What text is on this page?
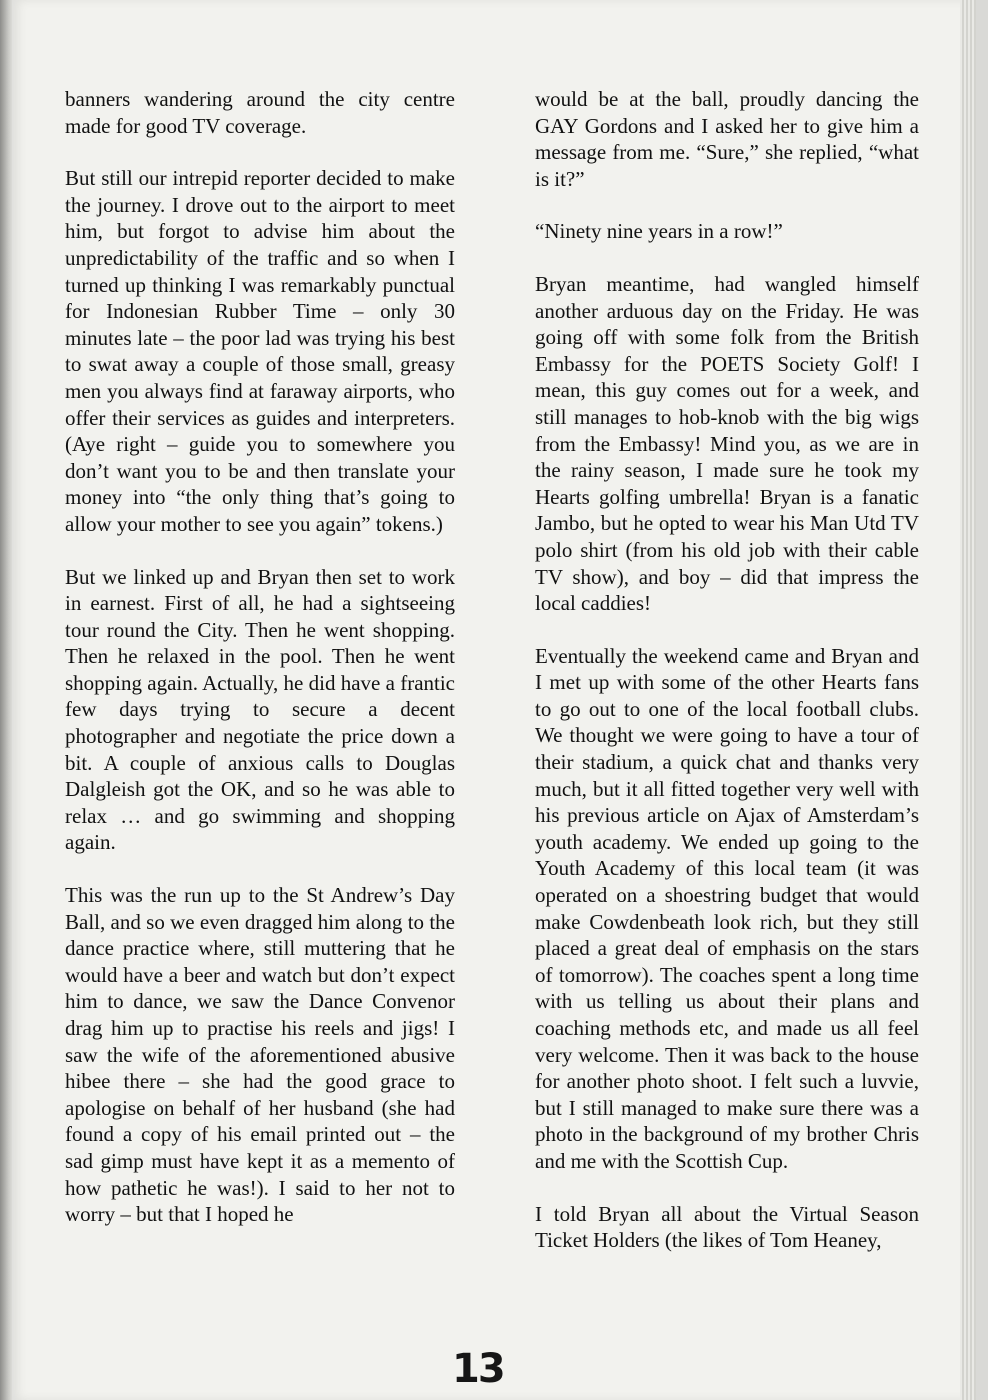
banners wandering around the city centre made for good TV coverage.

But still our intrepid reporter decided to make the journey. I drove out to the airport to meet him, but forgot to advise him about the unpredictability of the traffic and so when I turned up thinking I was remarkably punctual for Indonesian Rubber Time – only 30 minutes late – the poor lad was trying his best to swat away a couple of those small, greasy men you always find at faraway airports, who offer their services as guides and interpreters. (Aye right – guide you to somewhere you don’t want you to be and then translate your money into “the only thing that’s going to allow your mother to see you again” tokens.)

But we linked up and Bryan then set to work in earnest. First of all, he had a sightseeing tour round the City. Then he went shopping. Then he relaxed in the pool. Then he went shopping again. Actually, he did have a frantic few days trying to secure a decent photographer and negotiate the price down a bit. A couple of anxious calls to Douglas Dalgleish got the OK, and so he was able to relax … and go swimming and shopping again.

This was the run up to the St Andrew’s Day Ball, and so we even dragged him along to the dance practice where, still muttering that he would have a beer and watch but don’t expect him to dance, we saw the Dance Convenor drag him up to practise his reels and jigs! I saw the wife of the aforementioned abusive hibee there – she had the good grace to apologise on behalf of her husband (she had found a copy of his email printed out – the sad gimp must have kept it as a memento of how pathetic he was!). I said to her not to worry – but that I hoped he

would be at the ball, proudly dancing the GAY Gordons and I asked her to give him a message from me. “Sure,” she replied, “what is it?”

“Ninety nine years in a row!”

Bryan meantime, had wangled himself another arduous day on the Friday. He was going off with some folk from the British Embassy for the POETS Society Golf! I mean, this guy comes out for a week, and still manages to hob-knob with the big wigs from the Embassy! Mind you, as we are in the rainy season, I made sure he took my Hearts golfing umbrella! Bryan is a fanatic Jambo, but he opted to wear his Man Utd TV polo shirt (from his old job with their cable TV show), and boy – did that impress the local caddies!

Eventually the weekend came and Bryan and I met up with some of the other Hearts fans to go out to one of the local football clubs. We thought we were going to have a tour of their stadium, a quick chat and thanks very much, but it all fitted together very well with his previous article on Ajax of Amsterdam’s youth academy. We ended up going to the Youth Academy of this local team (it was operated on a shoestring budget that would make Cowdenbeath look rich, but they still placed a great deal of emphasis on the stars of tomorrow). The coaches spent a long time with us telling us about their plans and coaching methods etc, and made us all feel very welcome. Then it was back to the house for another photo shoot. I felt such a luvvie, but I still managed to make sure there was a photo in the background of my brother Chris and me with the Scottish Cup.

I told Bryan all about the Virtual Season Ticket Holders (the likes of Tom Heaney,

13
